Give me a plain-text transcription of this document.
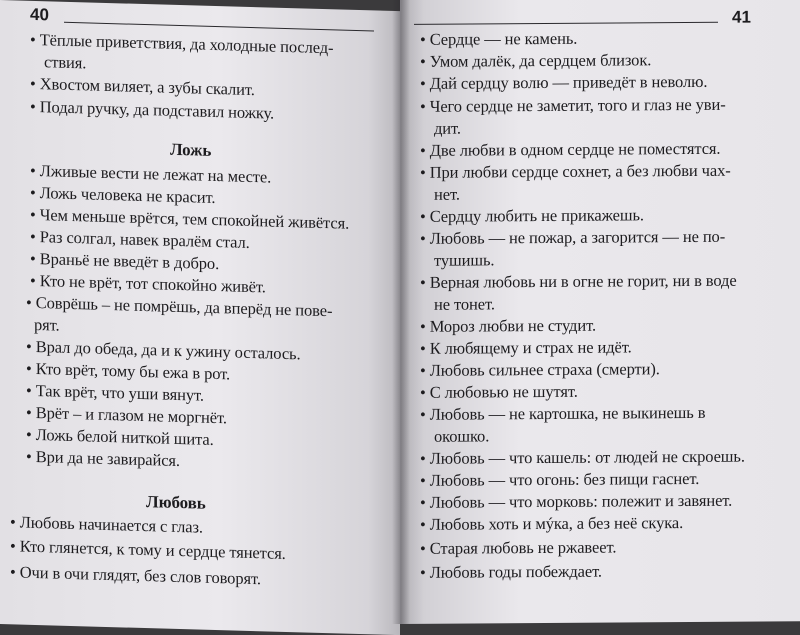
40
• Тёплые приветствия, да холодные послед-
ствия.
• Хвостом виляет, а зубы скалит.
• Подал ручку, да подставил ножку.
Ложь
• Лживые вести не лежат на месте.
• Ложь человека не красит.
• Чем меньше врётся, тем спокойней живётся.
• Раз солгал, навек вралём стал.
• Враньё не введёт в добро.
• Кто не врёт, тот спокойно живёт.
• Соврёшь – не помрёшь, да вперёд не пове-
рят.
• Врал до обеда, да и к ужину осталось.
• Кто врёт, тому бы ежа в рот.
• Так врёт, что уши вянут.
• Врёт – и глазом не моргнёт.
• Ложь белой ниткой шита.
• Ври да не завирайся.
Любовь
• Любовь начинается с глаз.
• Кто глянется, к тому и сердце тянется.
• Очи в очи глядят, без слов говорят.
41
• Сердце — не камень.
• Умом далёк, да сердцем близок.
• Дай сердцу волю — приведёт в неволю.
• Чего сердце не заметит, того и глаз не уви-
дит.
• Две любви в одном сердце не поместятся.
• При любви сердце сохнет, а без любви чах-
нет.
• Сердцу любить не прикажешь.
• Любовь — не пожар, а загорится — не по-
тушишь.
• Верная любовь ни в огне не горит, ни в воде
не тонет.
• Мороз любви не студит.
• К любящему и страх не идёт.
• Любовь сильнее страха (смерти).
• С любовью не шутят.
• Любовь — не картошка, не выкинешь в
окошко.
• Любовь — что кашель: от людей не скроешь.
• Любовь — что огонь: без пищи гаснет.
• Любовь — что морковь: полежит и завянет.
• Любовь хоть и мýка, а без неё скука.
• Старая любовь не ржавеет.
• Любовь годы побеждает.
